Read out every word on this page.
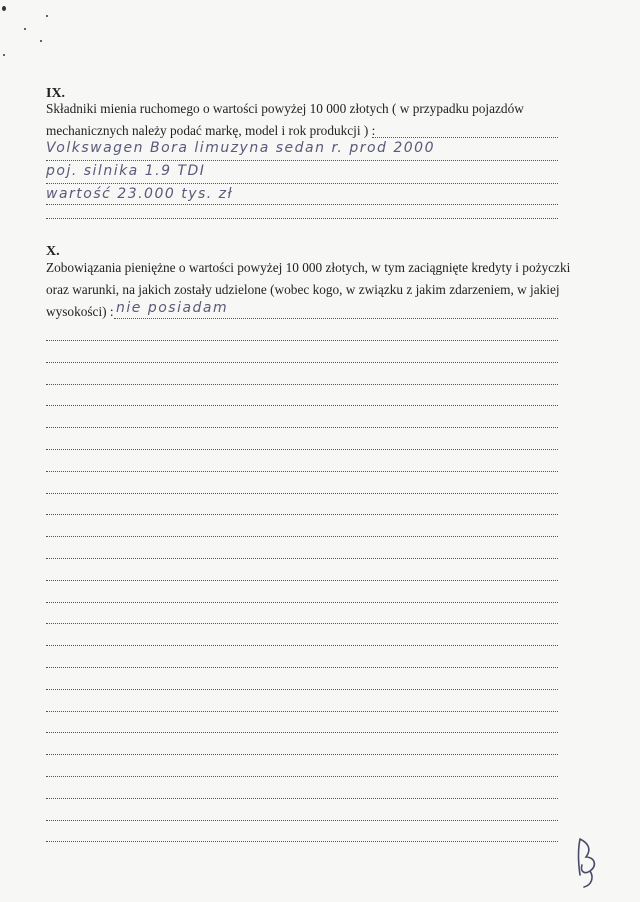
IX.
Składniki mienia ruchomego o wartości powyżej 10 000 złotych ( w przypadku pojazdów
mechanicznych należy podać markę, model i rok produkcji ) :
Volkswagen Bora limuzyna sedan r. prod 2000
poj. silnika 1.9 TDI
wartość 23.000 tys. zł
X.
Zobowiązania pieniężne o wartości powyżej 10 000 złotych, w tym zaciągnięte kredyty i pożyczki
oraz warunki, na jakich zostały udzielone (wobec kogo, w związku z jakim zdarzeniem, w jakiej
wysokości) : nie posiadam
